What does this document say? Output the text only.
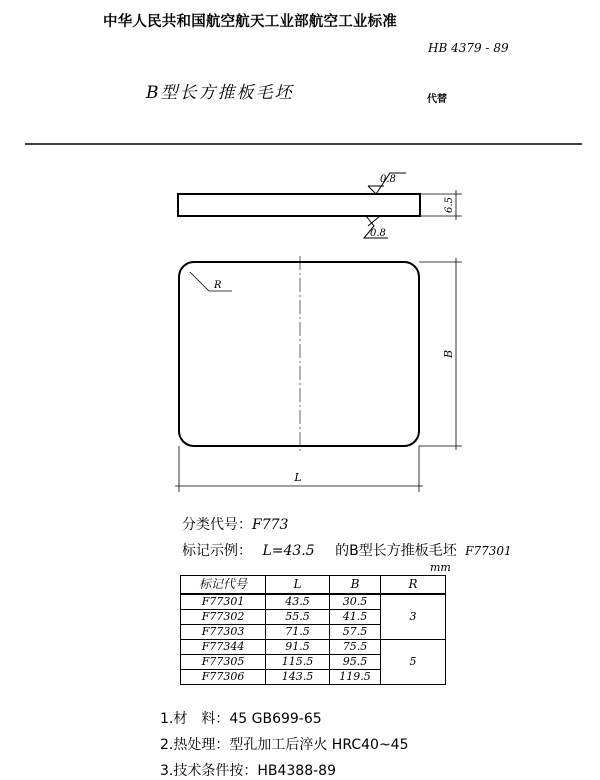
中华人民共和国航空航天工业部航空工业标准
HB 4379 - 89
B型长方推板毛坯	代替
0.8
0.8
6.5
R
B
L
分类代号：F773
标记示例： L=43.5 的B型长方推板毛坯 F77301
mm
标记代号	L	B	R
F77301	43.5	30.5	3
F77302	55.5	41.5	
F77303	71.5	57.5	
F77344	91.5	75.5	5
F77305	115.5	95.5	
F77306	143.5	119.5	
1.材　料：45 GB699-65
2.热处理：型孔加工后淬火 HRC40~45
3.技术条件按：HB4388-89
